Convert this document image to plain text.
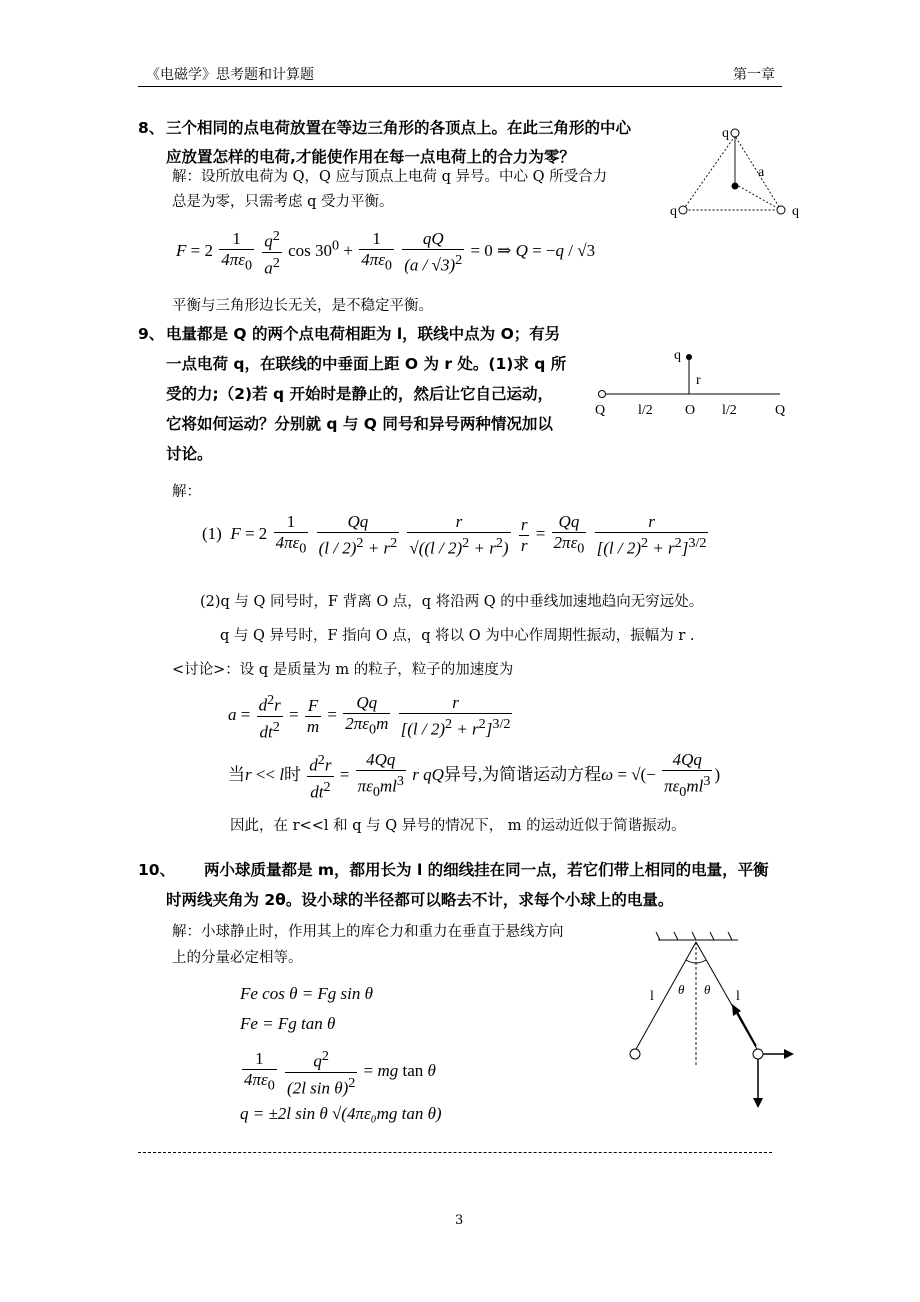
《电磁学》思考题和计算题	第一章
8、 三个相同的点电荷放置在等边三角形的各顶点上。在此三角形的中心
应放置怎样的电荷,才能使作用在每一点电荷上的合力为零？
解：设所放电荷为 Q，Q 应与顶点上电荷 q 异号。中心 Q 所受合力
总是为零，只需考虑 q 受力平衡。
$F = 2 \frac{1}{4\pi\varepsilon_0}$
$\frac{q^2}{a^2}$ $\cos 30^0 + \frac{1}{4\pi\varepsilon_0}$
$\frac{qQ}{(a / √3)^2} = 0$ ⇒ Q = −q / √3
平衡与三角形边长无关，是不稳定平衡。
q
a
q	q
9、 电量都是 Q 的两个点电荷相距为 l，联线中点为 O；有另
一点电荷 q，在联线的中垂面上距 O 为 r 处。(1)求 q 所
受的力;（2)若 q 开始时是静止的，然后让它自己运动，
它将如何运动？分别就 q 与 Q 同号和异号两种情况加以
讨论。
解：
(1) $F = 2 \frac{1}{4\pi\varepsilon_0}$
$\frac{Qq}{(l / 2)^2 + r^2}$
$\frac{r}{√((l / 2)^2 + r^2)}$
$\frac{r}{r} = \frac{Qq}{2\pi\varepsilon_0}$
$\frac{r}{[(l / 2)^2 + r^2]^{3/2}}$
(2)q 与 Q 同号时，F 背离 O 点，q 将沿两 Q 的中垂线加速地趋向无穷远处。
q 与 Q 异号时，F 指向 O 点，q 将以 O 为中心作周期性振动，振幅为 r .
<讨论>：设 q 是质量为 m 的粒子，粒子的加速度为
$a = \frac{d^2r}{dt^2} = \frac{F}{m} = \frac{Qq}{2\pi\varepsilon_0m}$
$\frac{r}{[(l / 2)^2 + r^2]^{3/2}}$
当r << l时 $\frac{d^2r}{dt^2} = \frac{4Qq}{\pi\varepsilon_0ml^3}$ r qQ异号,为简谐运动方程ω = √(− $\frac{4Qq}{\pi\varepsilon_0ml^3}$ )
因此，在 r<<l 和 q 与 Q 异号的情况下， m 的运动近似于简谐振动。
q
r
Q l/2 O l/2	Q
10、 两小球质量都是 m，都用长为 l 的细线挂在同一点，若它们带上相同的电量，平衡
时两线夹角为 2θ。设小球的半径都可以略去不计，求每个小球上的电量。
解：小球静止时，作用其上的库仑力和重力在垂直于悬线方向
上的分量必定相等。
Fe cos θ = Fg sin θ
Fe = Fg tan θ
$\frac{1}{4\pi\varepsilon_0}$
$\frac{q^2}{(2l \sin \theta)^2}$ = mg tan θ
q = ±2l sin θ √(4πε₀mg tan θ)
l θ θ l
3
